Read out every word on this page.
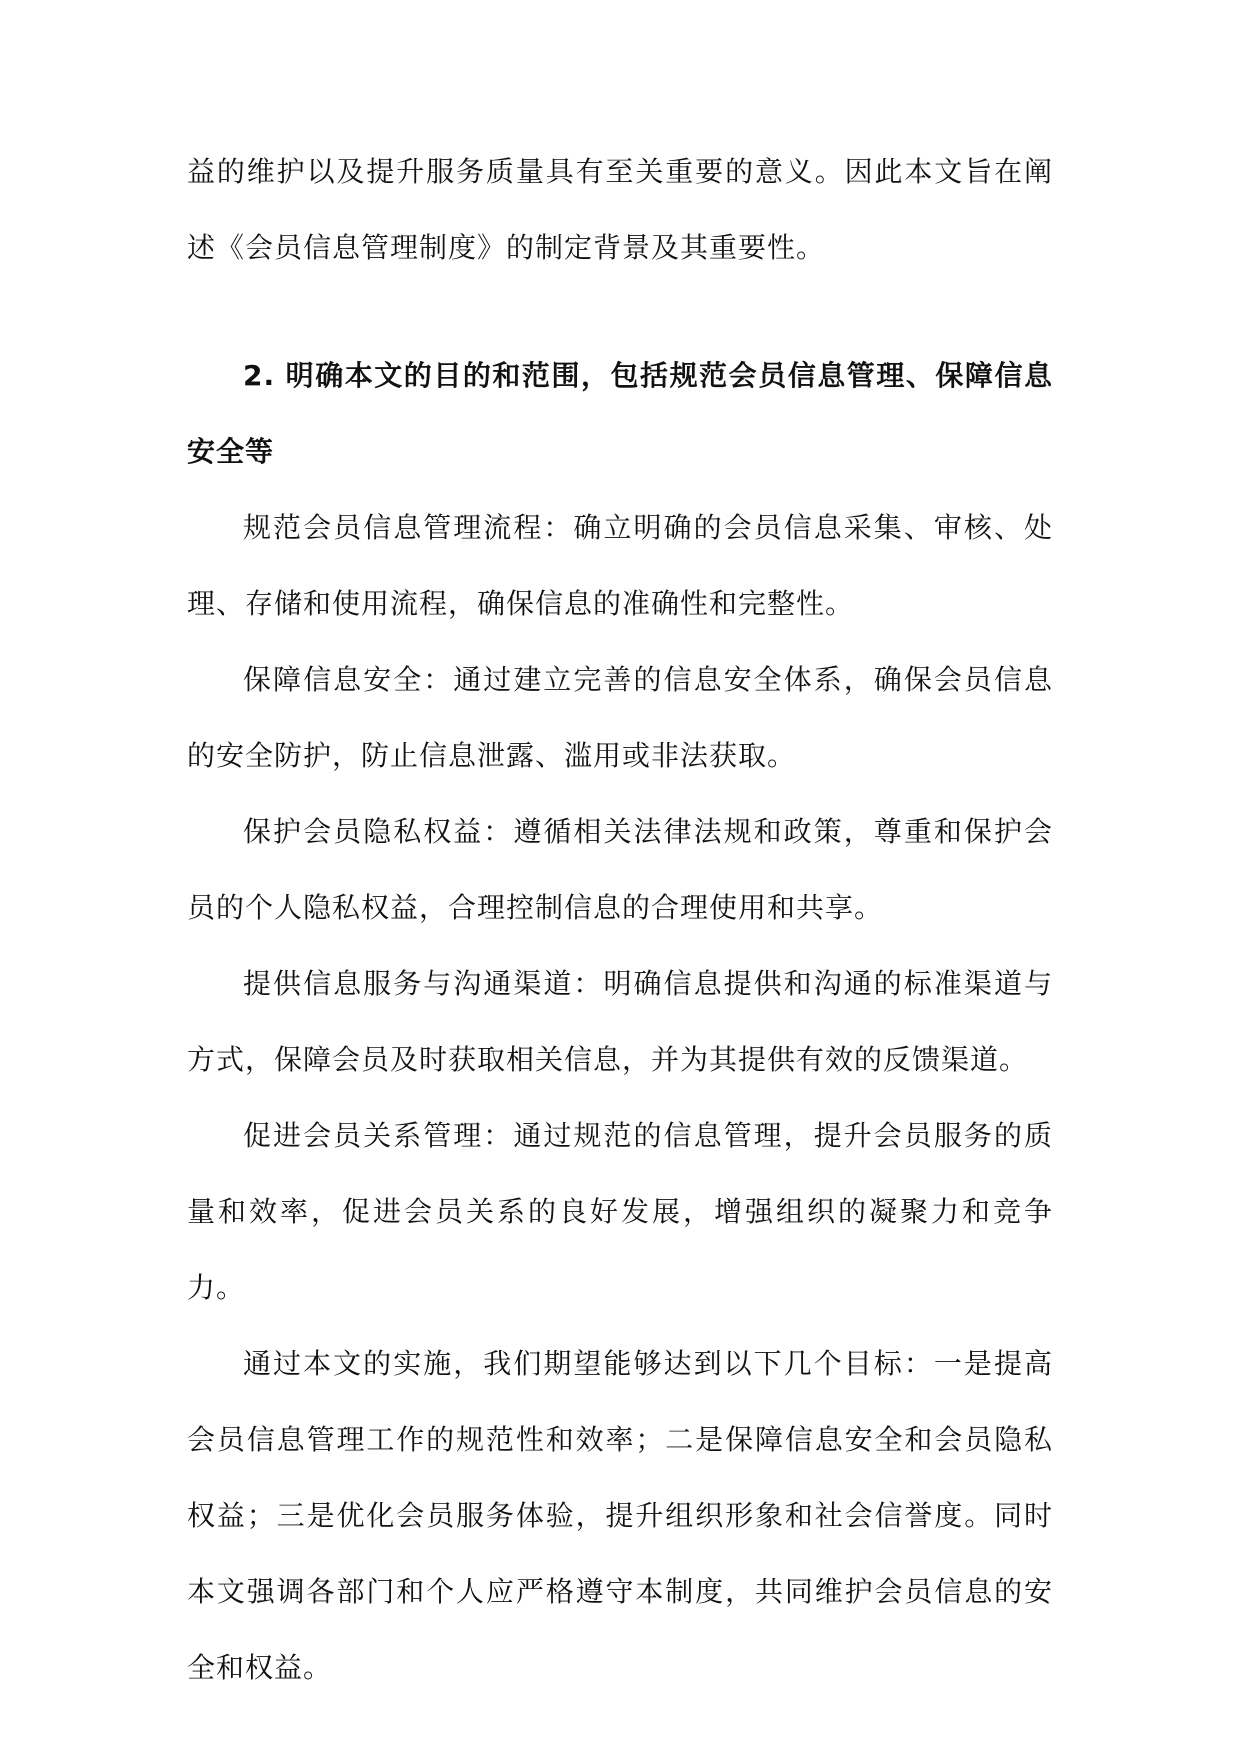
益的维护以及提升服务质量具有至关重要的意义。因此本文旨在阐述《会员信息管理制度》的制定背景及其重要性。

2. 明确本文的目的和范围，包括规范会员信息管理、保障信息安全等

规范会员信息管理流程：确立明确的会员信息采集、审核、处理、存储和使用流程，确保信息的准确性和完整性。

保障信息安全：通过建立完善的信息安全体系，确保会员信息的安全防护，防止信息泄露、滥用或非法获取。

保护会员隐私权益：遵循相关法律法规和政策，尊重和保护会员的个人隐私权益，合理控制信息的合理使用和共享。

提供信息服务与沟通渠道：明确信息提供和沟通的标准渠道与方式，保障会员及时获取相关信息，并为其提供有效的反馈渠道。

促进会员关系管理：通过规范的信息管理，提升会员服务的质量和效率，促进会员关系的良好发展，增强组织的凝聚力和竞争力。

通过本文的实施，我们期望能够达到以下几个目标：一是提高会员信息管理工作的规范性和效率；二是保障信息安全和会员隐私权益；三是优化会员服务体验，提升组织形象和社会信誉度。同时本文强调各部门和个人应严格遵守本制度，共同维护会员信息的安全和权益。
